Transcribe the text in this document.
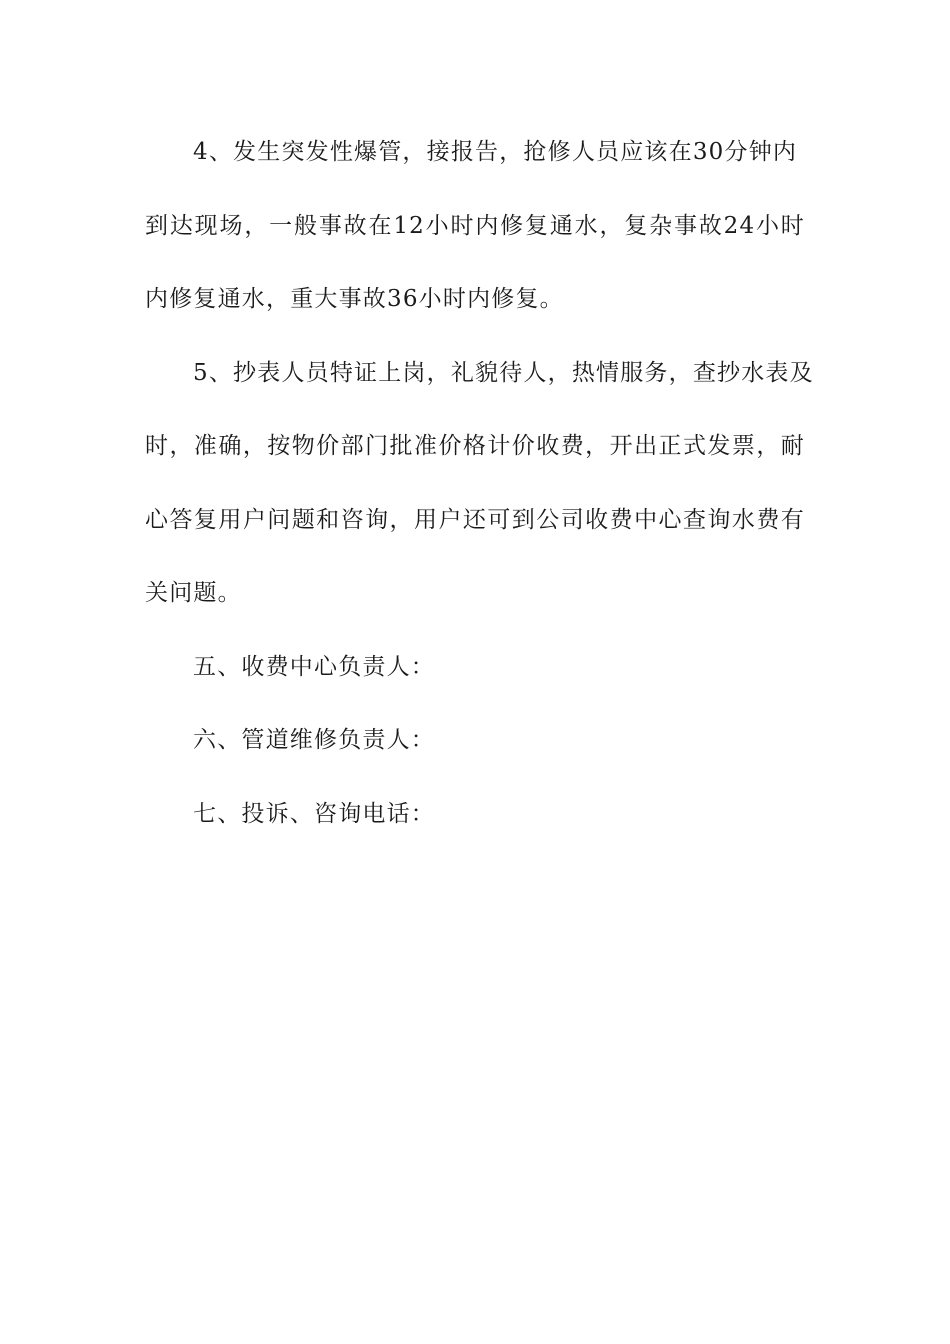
4、发生突发性爆管，接报告，抢修人员应该在30分钟内

到达现场，一般事故在12小时内修复通水，复杂事故24小时

内修复通水，重大事故36小时内修复。

5、抄表人员特证上岗，礼貌待人，热情服务，查抄水表及

时，准确，按物价部门批准价格计价收费，开出正式发票，耐

心答复用户问题和咨询，用户还可到公司收费中心查询水费有

关问题。

五、收费中心负责人：

六、管道维修负责人：

七、投诉、咨询电话：
